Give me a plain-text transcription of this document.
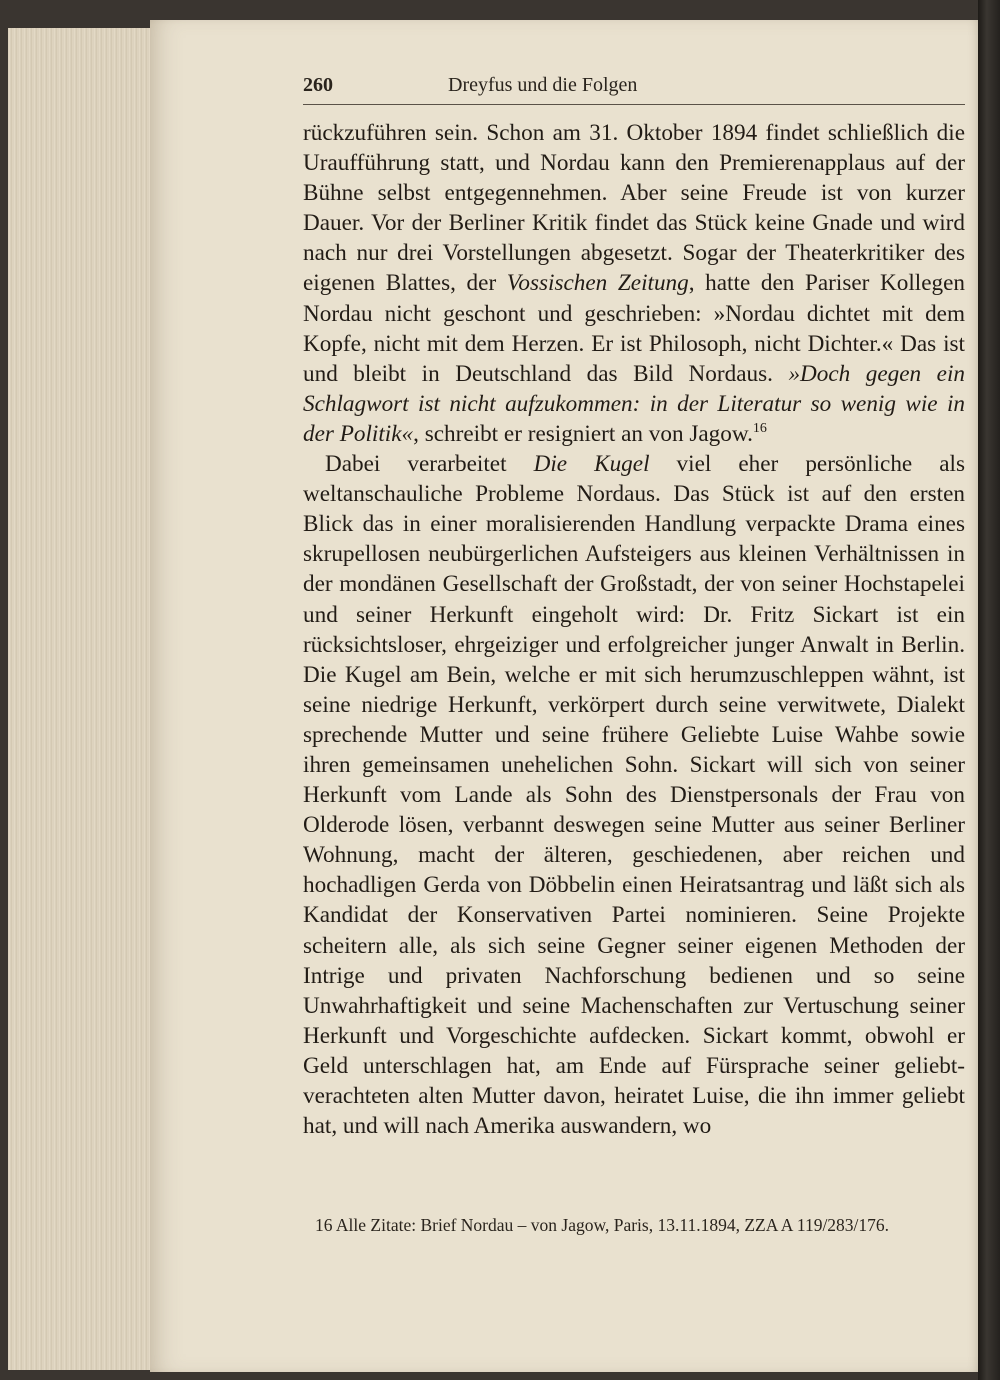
260	Dreyfus und die Folgen

rückzuführen sein. Schon am 31. Oktober 1894 findet schließlich die Uraufführung statt, und Nordau kann den Premierenapplaus auf der Bühne selbst entgegennehmen. Aber seine Freude ist von kurzer Dauer. Vor der Berliner Kritik findet das Stück keine Gnade und wird nach nur drei Vorstellungen abgesetzt. Sogar der Theaterkritiker des eigenen Blattes, der Vossischen Zeitung, hatte den Pariser Kollegen Nordau nicht geschont und geschrieben: »Nordau dichtet mit dem Kopfe, nicht mit dem Herzen. Er ist Philosoph, nicht Dichter.« Das ist und bleibt in Deutschland das Bild Nordaus. »Doch gegen ein Schlagwort ist nicht aufzukommen: in der Literatur so wenig wie in der Politik«, schreibt er resigniert an von Jagow.$^{16}$

Dabei verarbeitet Die Kugel viel eher persönliche als weltanschauliche Probleme Nordaus. Das Stück ist auf den ersten Blick das in einer moralisierenden Handlung verpackte Drama eines skrupellosen neubürgerlichen Aufsteigers aus kleinen Verhältnissen in der mondänen Gesellschaft der Großstadt, der von seiner Hochstapelei und seiner Herkunft eingeholt wird: Dr. Fritz Sickart ist ein rücksichtsloser, ehrgeiziger und erfolgreicher junger Anwalt in Berlin. Die Kugel am Bein, welche er mit sich herumzuschleppen wähnt, ist seine niedrige Herkunft, verkörpert durch seine verwitwete, Dialekt sprechende Mutter und seine frühere Geliebte Luise Wahbe sowie ihren gemeinsamen unehelichen Sohn. Sickart will sich von seiner Herkunft vom Lande als Sohn des Dienstpersonals der Frau von Olderode lösen, verbannt deswegen seine Mutter aus seiner Berliner Wohnung, macht der älteren, geschiedenen, aber reichen und hochadligen Gerda von Döbbelin einen Heiratsantrag und läßt sich als Kandidat der Konservativen Partei nominieren. Seine Projekte scheitern alle, als sich seine Gegner seiner eigenen Methoden der Intrige und privaten Nachforschung bedienen und so seine Unwahrhaftigkeit und seine Machenschaften zur Vertuschung seiner Herkunft und Vorgeschichte aufdecken. Sickart kommt, obwohl er Geld unterschlagen hat, am Ende auf Fürsprache seiner geliebt-verachteten alten Mutter davon, heiratet Luise, die ihn immer geliebt hat, und will nach Amerika auswandern, wo

16 Alle Zitate: Brief Nordau – von Jagow, Paris, 13.11.1894, ZZA A 119/283/176.
